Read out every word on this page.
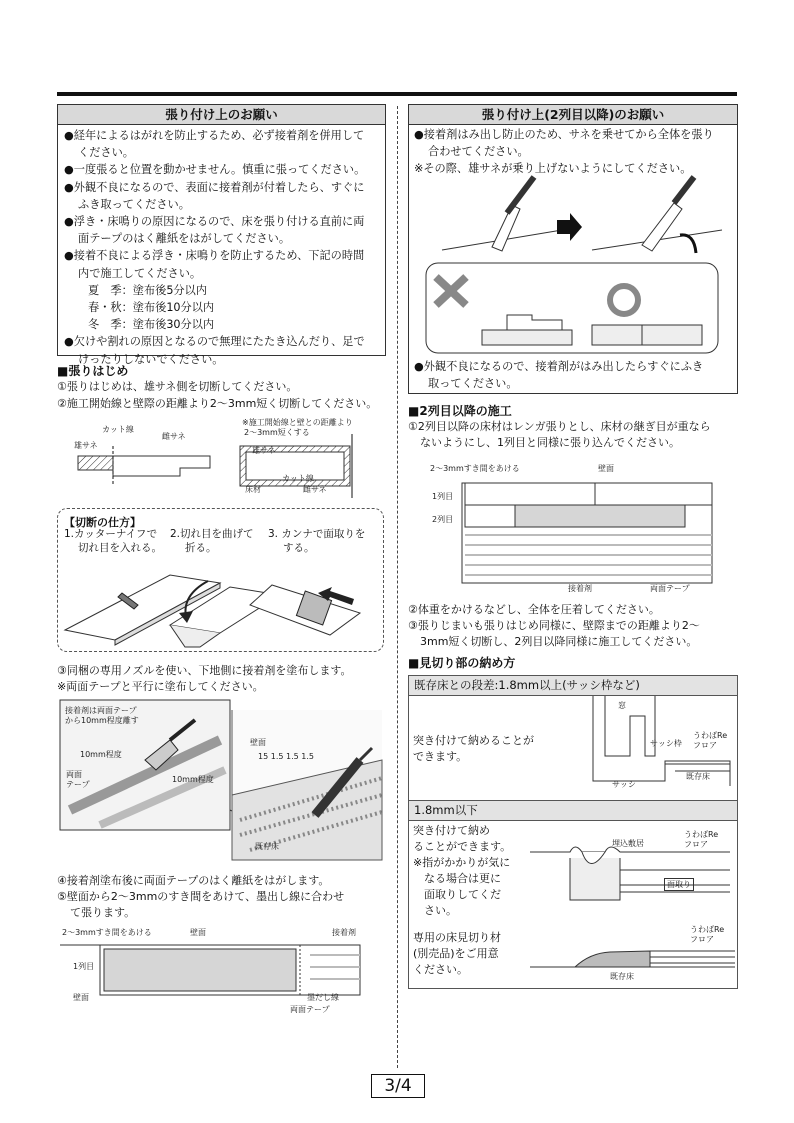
張り付け上のお願い

●経年によるはがれを防止するため、必ず接着剤を併用して

ください。

●一度張ると位置を動かせません。慎重に張ってください。

●外観不良になるので、表面に接着剤が付着したら、すぐに

ふき取ってください。

●浮き・床鳴りの原因になるので、床を張り付ける直前に両

面テープのはく離紙をはがしてください。

●接着不良による浮き・床鳴りを防止するため、下記の時間

内で施工してください。

夏　季：塗布後5分以内

春・秋：塗布後10分以内

冬　季：塗布後30分以内

●欠けや割れの原因となるので無理にたたき込んだり、足で

けったりしないでください。

■張りはじめ
①張りはじめは、雄サネ側を切断してください。
②施工開始線と壁際の距離より2～3mm短く切断してください。
カット線
雌サネ
雄サネ
※施工開始線と壁との距離より
2～3mm短くする
雄サネ
カット線
床材	雌サネ
【切断の仕方】
1.カッターナイフで
切れ目を入れる。
2.切れ目を曲げて
折る。
3. カンナで面取りを
する。
③同梱の専用ノズルを使い、下地側に接着剤を塗布します。
※両面テープと平行に塗布してください。
接着剤は両面テープ
から10mm程度離す
10mm程度
両面
テープ
10mm程度
壁面
15 1.5 1.5 1.5
既存床
④接着剤塗布後に両面テープのはく離紙をはがします。
⑤壁面から2～3mmのすき間をあけて、墨出し線に合わせ
て張ります。
2～3mmすき間をあける	壁面	接着剤
1列目
壁面	墨だし線
両面テープ
張り付け上(2列目以降)のお願い

●接着剤はみ出し防止のため、サネを乗せてから全体を張り

合わせてください。

※その際、雄サネが乗り上げないようにしてください。

●外観不良になるので、接着剤がはみ出したらすぐにふき

取ってください。

■2列目以降の施工
①2列目以降の床材はレンガ張りとし、床材の継ぎ目が重なら
ないようにし、1列目と同様に張り込んでください。
2～3mmすき間をあける	壁面
1列目
2列目
接着剤	両面テープ
②体重をかけるなどし、全体を圧着してください。
③張りじまいも張りはじめ同様に、壁際までの距離より2～
3mm短く切断し、2列目以降同様に施工してください。
■見切り部の納め方
既存床との段差:1.8mm以上(サッシ枠など)
1.8mm以下
突き付けて納めることが
できます。
窓
サッシ枠
うわばRe
フロア
既存床
サッシ
突き付けて納め
ることができます。
※指がかかりが気に
なる場合は更に
面取りしてくだ
さい。
埋込敷居
うわばRe
フロア
面取り
専用の床見切り材
(別売品)をご用意
ください。
うわばRe
フロア
既存床
3/4
